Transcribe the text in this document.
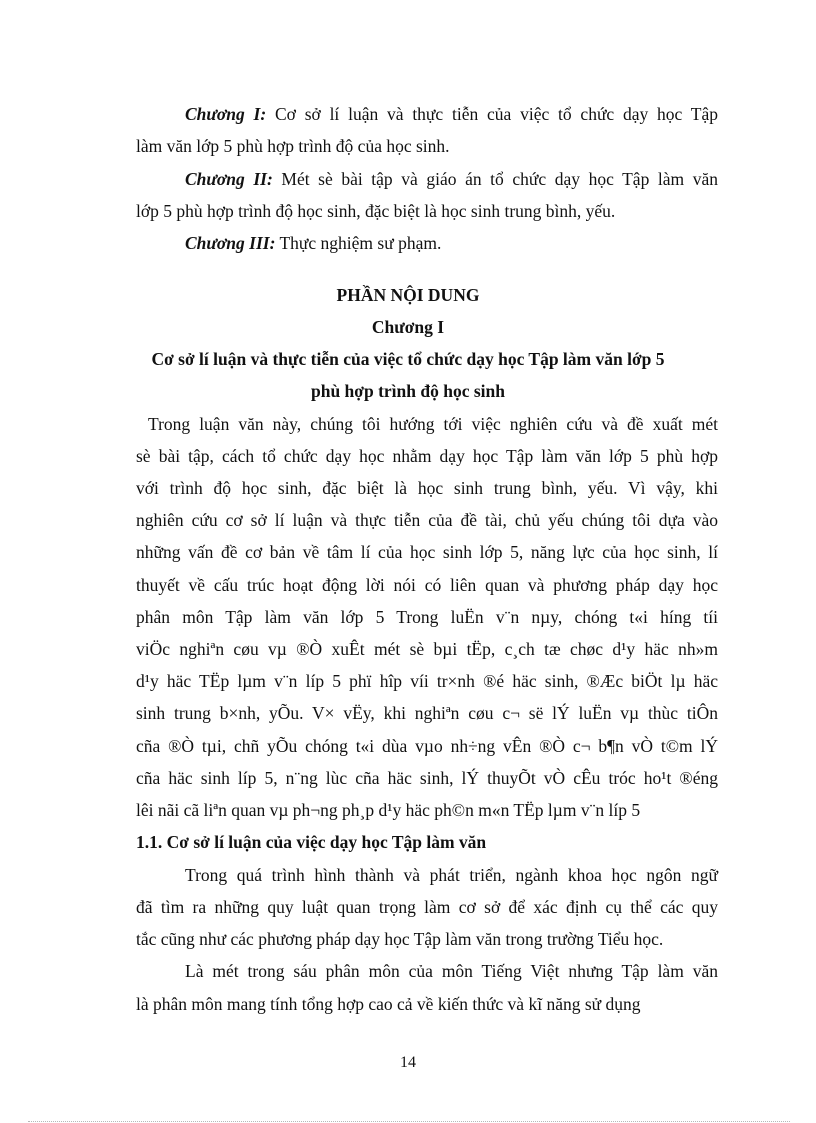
Chương I: Cơ sở lí luận và thực tiễn của việc tổ chức dạy học Tập
làm văn lớp 5 phù hợp trình độ của học sinh.
Chương II: Mét sè bài tập và giáo án tổ chức dạy học Tập làm văn
lớp 5 phù hợp trình độ học sinh, đặc biệt là học sinh trung bình, yếu.
Chương III: Thực nghiệm sư phạm.
PHẦN NỘI DUNG
Chương I
Cơ sở lí luận và thực tiễn của việc tổ chức dạy học Tập làm văn lớp 5
phù hợp trình độ học sinh
Trong luận văn này, chúng tôi hướng tới việc nghiên cứu và đề xuất mét
sè bài tập, cách tổ chức dạy học nhằm dạy học Tập làm văn lớp 5 phù hợp
với trình độ học sinh, đặc biệt là học sinh trung bình, yếu. Vì vậy, khi
nghiên cứu cơ sở lí luận và thực tiễn của đề tài, chủ yếu chúng tôi dựa vào
những vấn đề cơ bản về tâm lí của học sinh lớp 5, năng lực của học sinh, lí
thuyết về cấu trúc hoạt động lời nói có liên quan và phương pháp dạy học
phân môn Tập làm văn lớp 5 Trong luËn v¨n nµy, chóng t«i híng tíi
viÖc nghiªn cøu vµ ®Ò xuÊt mét sè bµi tËp, c¸ch tæ chøc d¹y häc nh»m
d¹y häc TËp lµm v¨n líp 5 phï hîp víi tr×nh ®é häc sinh, ®Æc biÖt lµ häc
sinh trung b×nh, yÕu. V× vËy, khi nghiªn cøu c¬ së lÝ luËn vµ thùc tiÔn
cña ®Ò tµi, chñ yÕu chóng t«i dùa vµo nh÷ng vÊn ®Ò c¬ b¶n vÒ t©m lÝ
cña häc sinh líp 5, n¨ng lùc cña häc sinh, lÝ thuyÕt vÒ cÊu tróc ho¹t ®éng
lêi nãi cã liªn quan vµ ph¬ng ph¸p d¹y häc ph©n m«n TËp lµm v¨n líp 5
1.1. Cơ sở lí luận của việc dạy học Tập làm văn
Trong quá trình hình thành và phát triển, ngành khoa học ngôn ngữ
đã tìm ra những quy luật quan trọng làm cơ sở để xác định cụ thể các quy
tắc cũng như các phương pháp dạy học Tập làm văn trong trường Tiểu học.
Là mét trong sáu phân môn của môn Tiếng Việt nhưng Tập làm văn
là phân môn mang tính tổng hợp cao cả về kiến thức và kĩ năng sử dụng
14
